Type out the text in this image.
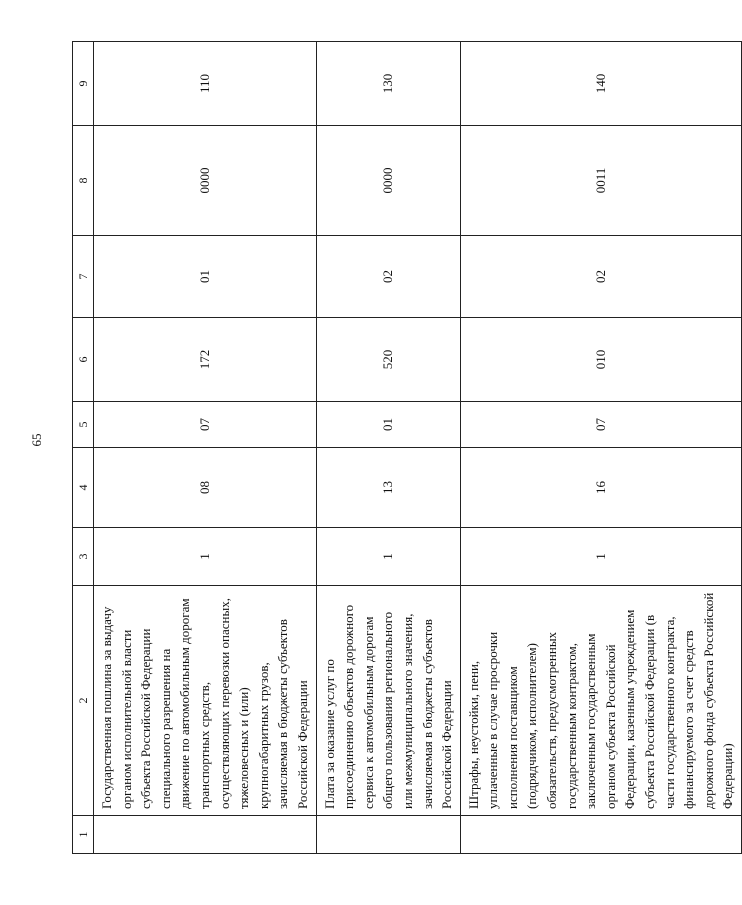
65
1	2	3	4	5	6	7	8	9
	Государственная пошлина за выдачу органом исполнительной власти субъекта Российской Федерации специального разрешения на движение по автомобильным дорогам транспортных средств, осуществляющих перевозки опасных, тяжеловесных и (или) крупногабаритных грузов, зачисляемая в бюджеты субъектов Российской Федерации	1	08	07	172	01	0000	110
	Плата за оказание услуг по присоединению объектов дорожного сервиса к автомобильным дорогам общего пользования регионального или межмуниципального значения, зачисляемая в бюджеты субъектов Российской Федерации	1	13	01	520	02	0000	130
	Штрафы, неустойки, пени, уплаченные в случае просрочки исполнения поставщиком (подрядчиком, исполнителем) обязательств, предусмотренных государственным контрактом, заключенным государственным органом субъекта Российской Федерации, казенным учреждением субъекта Российской Федерации (в части государственного контракта, финансируемого за счет средств дорожного фонда субъекта Российской Федерации)	1	16	07	010	02	0011	140
